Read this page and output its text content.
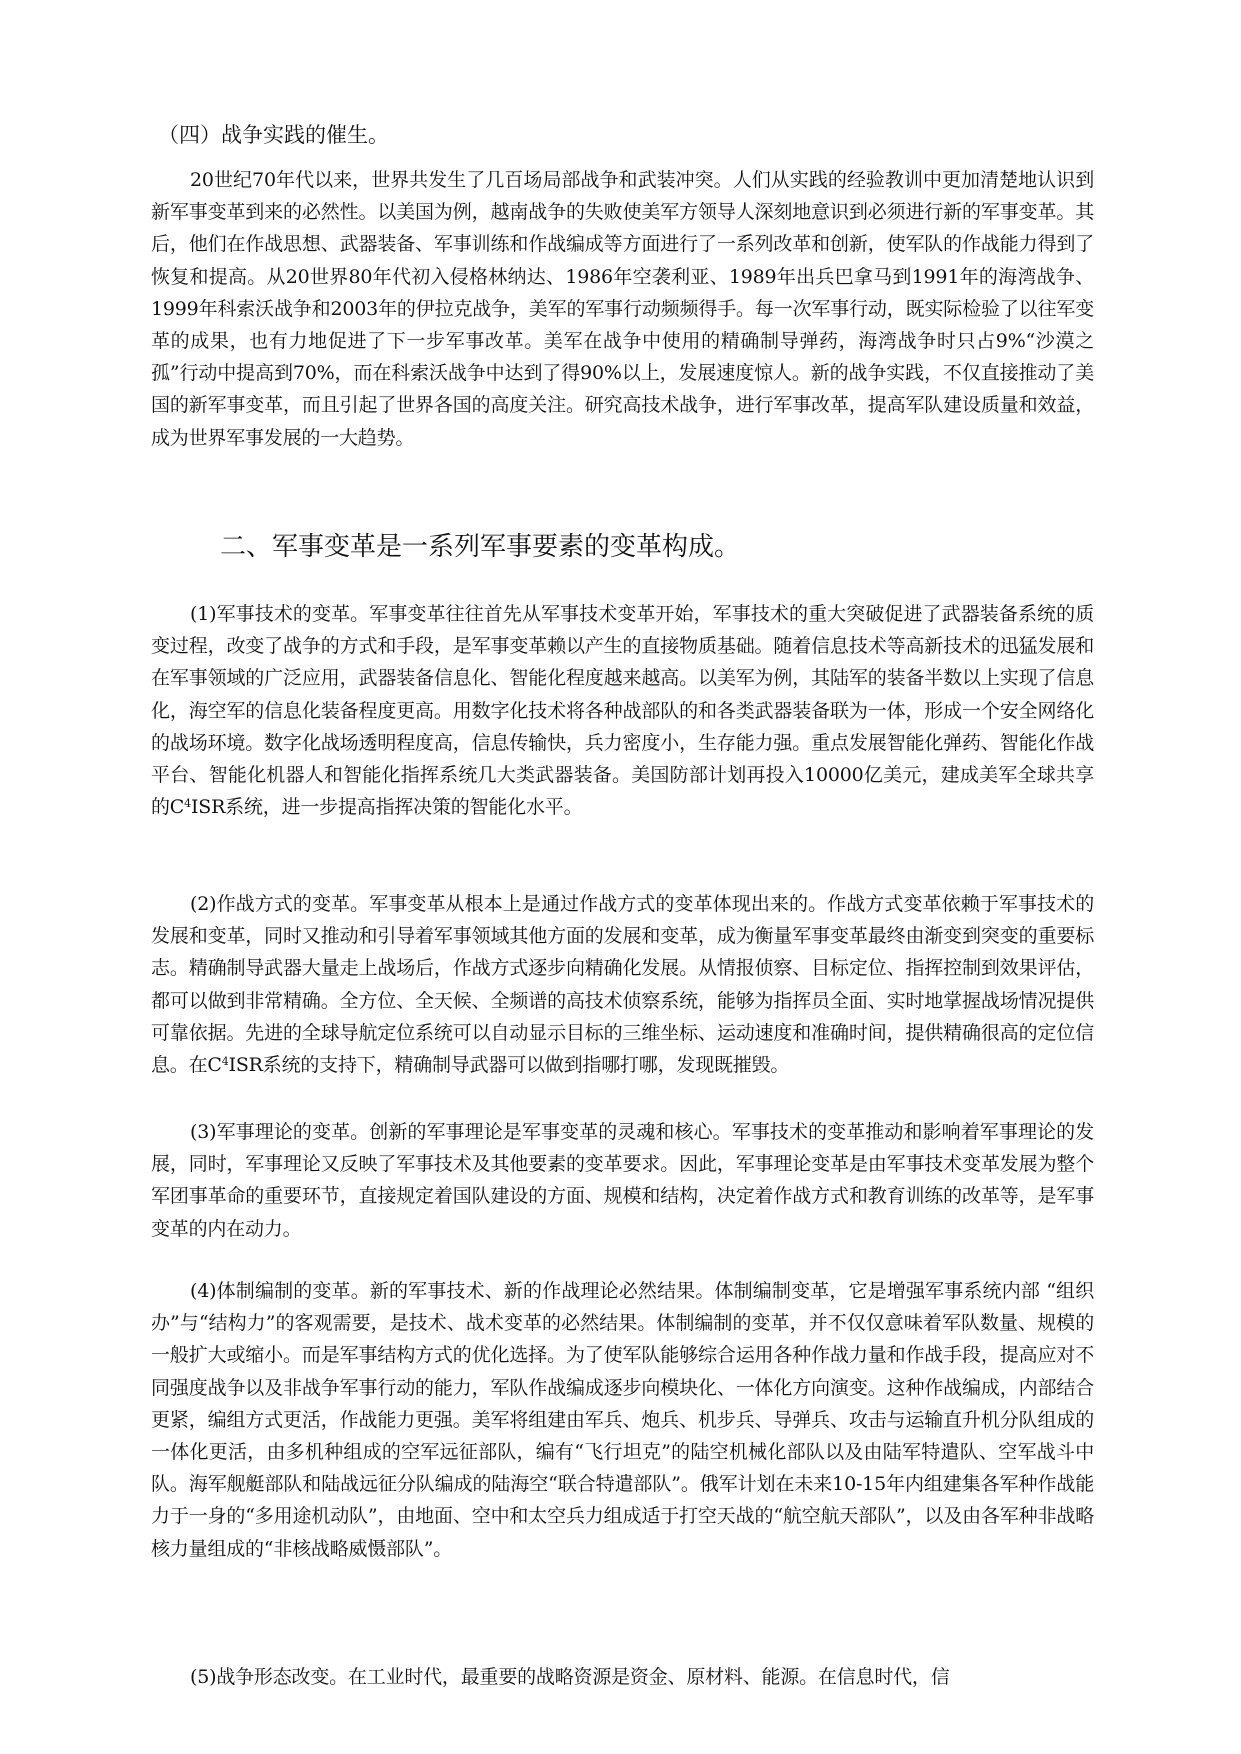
（四）战争实践的催生。

20世纪70年代以来，世界共发生了几百场局部战争和武装冲突。人们从实践的经验教训中更加清楚地认识到新军事变革到来的必然性。以美国为例，越南战争的失败使美军方领导人深刻地意识到必须进行新的军事变革。其后，他们在作战思想、武器装备、军事训练和作战编成等方面进行了一系列改革和创新，使军队的作战能力得到了恢复和提高。从20世界80年代初入侵格林纳达、1986年空袭利亚、1989年出兵巴拿马到1991年的海湾战争、1999年科索沃战争和2003年的伊拉克战争，美军的军事行动频频得手。每一次军事行动，既实际检验了以往军变革的成果，也有力地促进了下一步军事改革。美军在战争中使用的精确制导弹药，海湾战争时只占9%“沙漠之孤”行动中提高到70%，而在科索沃战争中达到了得90%以上，发展速度惊人。新的战争实践，不仅直接推动了美国的新军事变革，而且引起了世界各国的高度关注。研究高技术战争，进行军事改革，提高军队建设质量和效益，成为世界军事发展的一大趋势。

二、军事变革是一系列军事要素的变革构成。

(1)军事技术的变革。军事变革往往首先从军事技术变革开始，军事技术的重大突破促进了武器装备系统的质变过程，改变了战争的方式和手段，是军事变革赖以产生的直接物质基础。随着信息技术等高新技术的迅猛发展和在军事领域的广泛应用，武器装备信息化、智能化程度越来越高。以美军为例，其陆军的装备半数以上实现了信息化，海空军的信息化装备程度更高。用数字化技术将各种战部队的和各类武器装备联为一体，形成一个安全网络化的战场环境。数字化战场透明程度高，信息传输快，兵力密度小，生存能力强。重点发展智能化弹药、智能化作战平台、智能化机器人和智能化指挥系统几大类武器装备。美国防部计划再投入10000亿美元，建成美军全球共享的$C^4ISR$系统，进一步提高指挥决策的智能化水平。

(2)作战方式的变革。军事变革从根本上是通过作战方式的变革体现出来的。作战方式变革依赖于军事技术的发展和变革，同时又推动和引导着军事领域其他方面的发展和变革，成为衡量军事变革最终由渐变到突变的重要标志。精确制导武器大量走上战场后，作战方式逐步向精确化发展。从情报侦察、目标定位、指挥控制到效果评估，都可以做到非常精确。全方位、全天候、全频谱的高技术侦察系统，能够为指挥员全面、实时地掌握战场情况提供可靠依据。先进的全球导航定位系统可以自动显示目标的三维坐标、运动速度和准确时间，提供精确很高的定位信息。在$C^4ISR$系统的支持下，精确制导武器可以做到指哪打哪，发现既摧毁。

(3)军事理论的变革。创新的军事理论是军事变革的灵魂和核心。军事技术的变革推动和影响着军事理论的发展，同时，军事理论又反映了军事技术及其他要素的变革要求。因此，军事理论变革是由军事技术变革发展为整个军团事革命的重要环节，直接规定着国队建设的方面、规模和结构，决定着作战方式和教育训练的改革等，是军事变革的内在动力。

(4)体制编制的变革。新的军事技术、新的作战理论必然结果。体制编制变革，它是增强军事系统内部 “组织办”与“结构力”的客观需要，是技术、战术变革的必然结果。体制编制的变革，并不仅仅意味着军队数量、规模的一般扩大或缩小。而是军事结构方式的优化选择。为了使军队能够综合运用各种作战力量和作战手段，提高应对不同强度战争以及非战争军事行动的能力，军队作战编成逐步向模块化、一体化方向演变。这种作战编成，内部结合更紧，编组方式更活，作战能力更强。美军将组建由军兵、炮兵、机步兵、导弹兵、攻击与运输直升机分队组成的一体化更活，由多机种组成的空军远征部队，编有“飞行坦克”的陆空机械化部队以及由陆军特遣队、空军战斗中队。海军舰艇部队和陆战远征分队编成的陆海空“联合特遣部队”。俄军计划在未来10-15年内组建集各军种作战能力于一身的“多用途机动队”，由地面、空中和太空兵力组成适于打空天战的“航空航天部队”，以及由各军种非战略核力量组成的“非核战略威慑部队”。

(5)战争形态改变。在工业时代，最重要的战略资源是资金、原材料、能源。在信息时代，信
